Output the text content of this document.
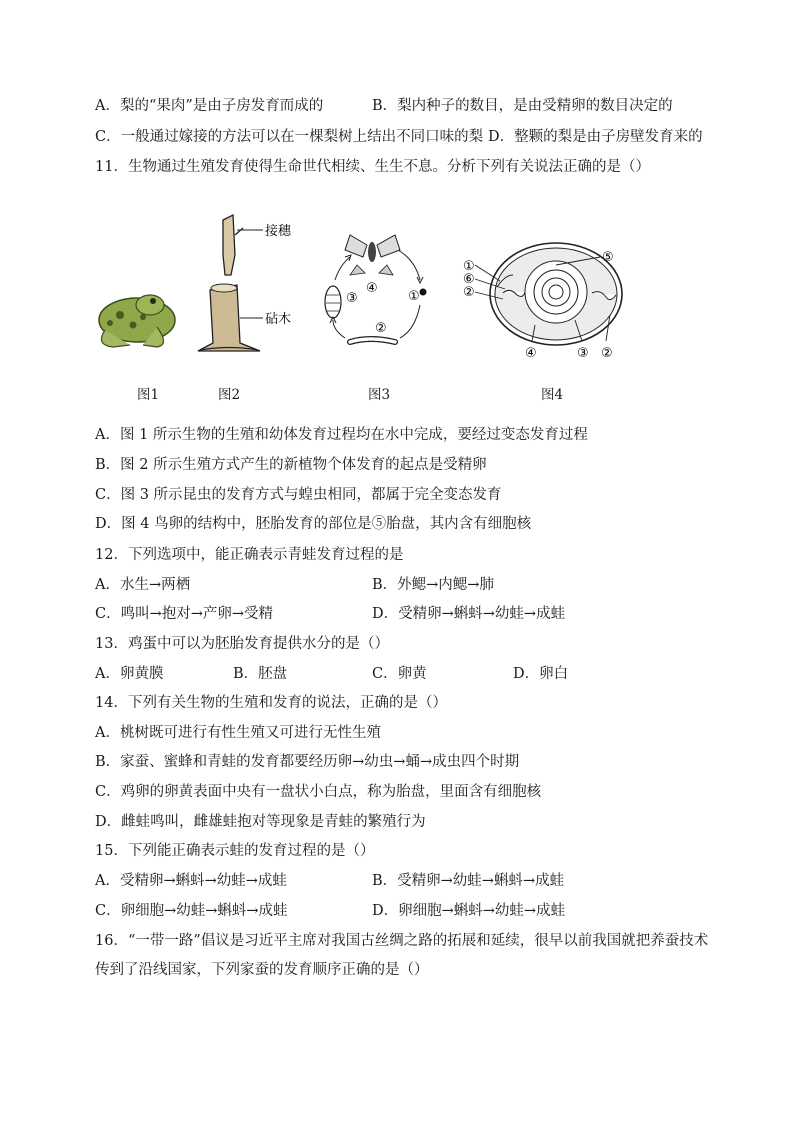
A．梨的“果肉”是由子房发育而成的	B．梨内种子的数目，是由受精卵的数目决定的
C．一般通过嫁接的方法可以在一棵梨树上结出不同口味的梨 D．整颗的梨是由子房壁发育来的
11．生物通过生殖发育使得生命世代相续、生生不息。分析下列有关说法正确的是（）
接穗
砧木
①
②
③
④
①
⑥
②
⑤
④	③ ②
图1	图2	图3	图4
A．图 1 所示生物的生殖和幼体发育过程均在水中完成，要经过变态发育过程
B．图 2 所示生殖方式产生的新植物个体发育的起点是受精卵
C．图 3 所示昆虫的发育方式与蝗虫相同，都属于完全变态发育
D．图 4 鸟卵的结构中，胚胎发育的部位是⑤胎盘，其内含有细胞核
12．下列选项中，能正确表示青蛙发育过程的是
A．水生→两栖	B．外鳃→内鳃→肺
C．鸣叫→抱对→产卵→受精	D．受精卵→蝌蚪→幼蛙→成蛙
13．鸡蛋中可以为胚胎发育提供水分的是（）
A．卵黄膜	B．胚盘	C．卵黄	D．卵白
14．下列有关生物的生殖和发育的说法，正确的是（）
A．桃树既可进行有性生殖又可进行无性生殖
B．家蚕、蜜蜂和青蛙的发育都要经历卵→幼虫→蛹→成虫四个时期
C．鸡卵的卵黄表面中央有一盘状小白点，称为胎盘，里面含有细胞核
D．雌蛙鸣叫，雌雄蛙抱对等现象是青蛙的繁殖行为
15．下列能正确表示蛙的发育过程的是（）
A．受精卵→蝌蚪→幼蛙→成蛙	B．受精卵→幼蛙→蝌蚪→成蛙
C．卵细胞→幼蛙→蝌蚪→成蛙	D．卵细胞→蝌蚪→幼蛙→成蛙
16．“一带一路”倡议是习近平主席对我国古丝绸之路的拓展和延续，很早以前我国就把养蚕技术
传到了沿线国家，下列家蚕的发育顺序正确的是（）
